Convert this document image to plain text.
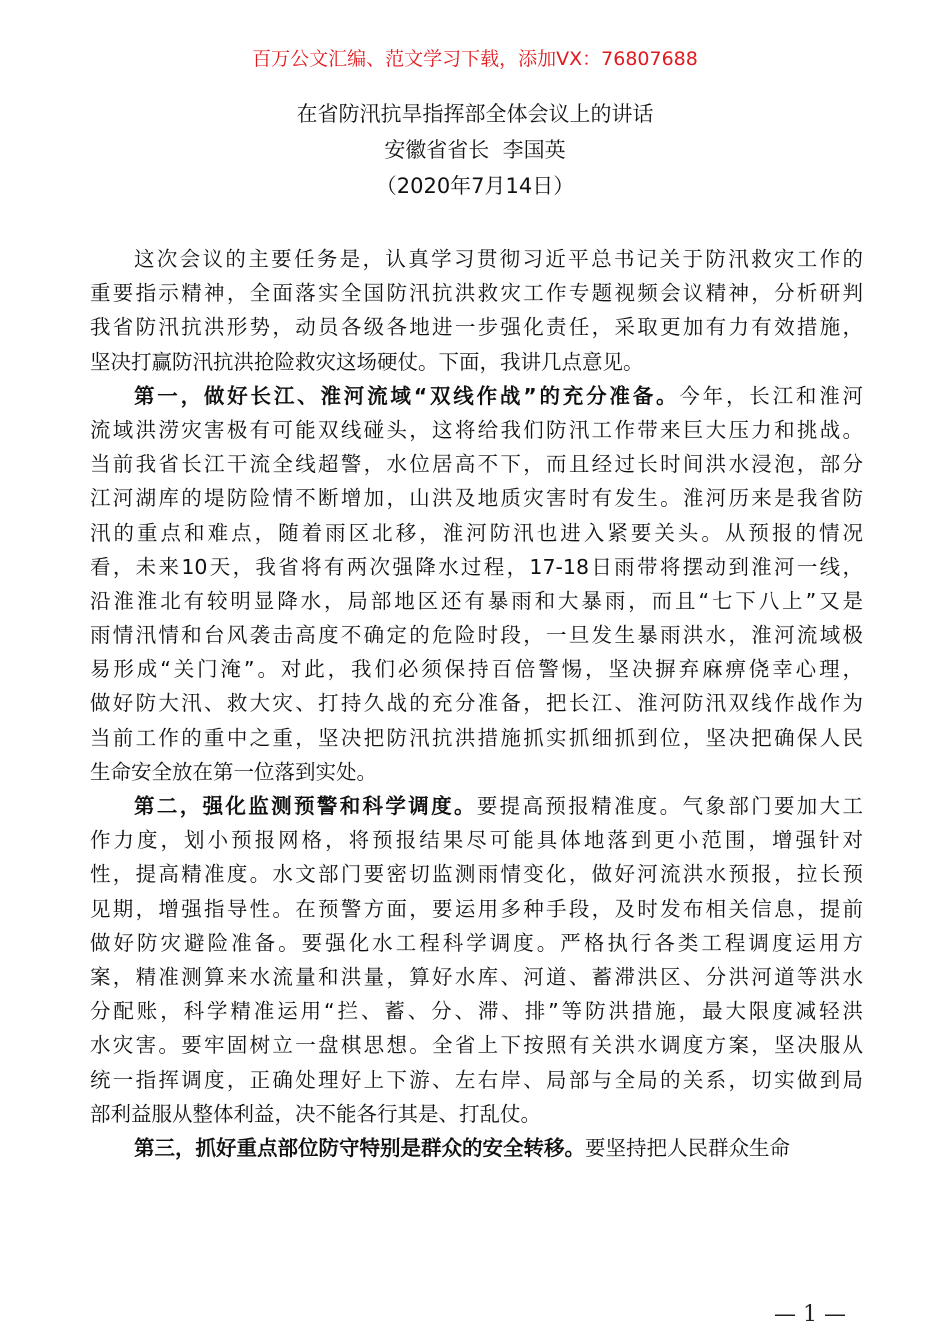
百万公文汇编、范文学习下载，添加VX：76807688
在省防汛抗旱指挥部全体会议上的讲话
安徽省省长  李国英
（2020年7月14日）
这次会议的主要任务是，认真学习贯彻习近平总书记关于防汛救灾工作的
重要指示精神，全面落实全国防汛抗洪救灾工作专题视频会议精神，分析研判
我省防汛抗洪形势，动员各级各地进一步强化责任，采取更加有力有效措施，
坚决打赢防汛抗洪抢险救灾这场硬仗。下面，我讲几点意见。
第一，做好长江、淮河流域“双线作战”的充分准备。今年，长江和淮河
流域洪涝灾害极有可能双线碰头，这将给我们防汛工作带来巨大压力和挑战。
当前我省长江干流全线超警，水位居高不下，而且经过长时间洪水浸泡，部分
江河湖库的堤防险情不断增加，山洪及地质灾害时有发生。淮河历来是我省防
汛的重点和难点，随着雨区北移，淮河防汛也进入紧要关头。从预报的情况
看，未来10天，我省将有两次强降水过程，17-18日雨带将摆动到淮河一线，
沿淮淮北有较明显降水，局部地区还有暴雨和大暴雨，而且“七下八上”又是
雨情汛情和台风袭击高度不确定的危险时段，一旦发生暴雨洪水，淮河流域极
易形成“关门淹”。对此，我们必须保持百倍警惕，坚决摒弃麻痹侥幸心理，
做好防大汛、救大灾、打持久战的充分准备，把长江、淮河防汛双线作战作为
当前工作的重中之重，坚决把防汛抗洪措施抓实抓细抓到位，坚决把确保人民
生命安全放在第一位落到实处。
第二，强化监测预警和科学调度。要提高预报精准度。气象部门要加大工
作力度，划小预报网格，将预报结果尽可能具体地落到更小范围，增强针对
性，提高精准度。水文部门要密切监测雨情变化，做好河流洪水预报，拉长预
见期，增强指导性。在预警方面，要运用多种手段，及时发布相关信息，提前
做好防灾避险准备。要强化水工程科学调度。严格执行各类工程调度运用方
案，精准测算来水流量和洪量，算好水库、河道、蓄滞洪区、分洪河道等洪水
分配账，科学精准运用“拦、蓄、分、滞、排”等防洪措施，最大限度减轻洪
水灾害。要牢固树立一盘棋思想。全省上下按照有关洪水调度方案，坚决服从
统一指挥调度，正确处理好上下游、左右岸、局部与全局的关系，切实做到局
部利益服从整体利益，决不能各行其是、打乱仗。
第三，抓好重点部位防守特别是群众的安全转移。要坚持把人民群众生命
— 1 —
